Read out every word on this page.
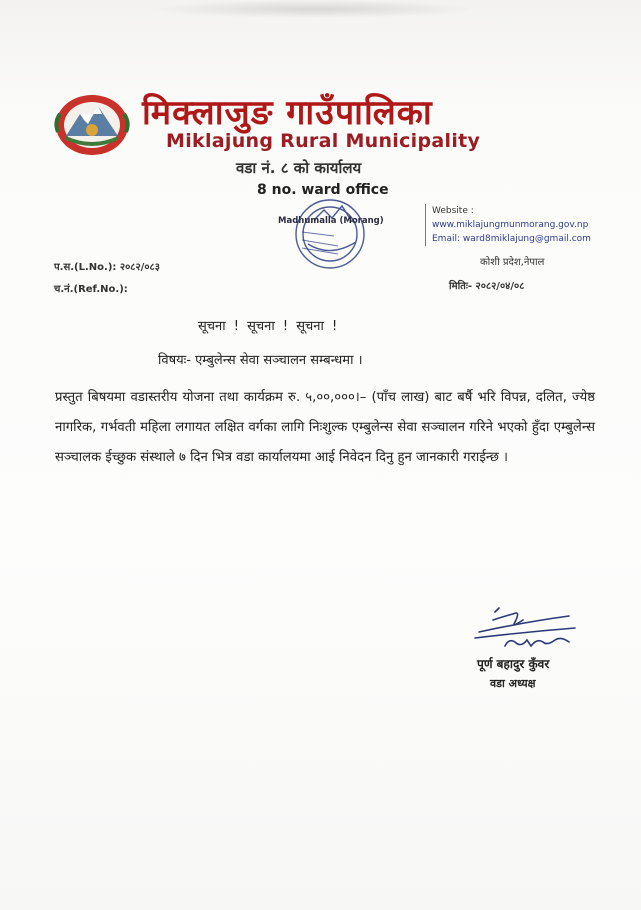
मिक्लाजुङ गाउँपालिका
Miklajung Rural Municipality
वडा नं. ८ को कार्यालय
8 no. ward office
Madhumalla (Morang)
Website :
www.miklajungmunmorang.gov.np
Email: ward8miklajung@gmail.com
कोशी प्रदेश,नेपाल
प.स.(L.No.): २०८२/०८३
च.नं.(Ref.No.):	मितिः- २०८२/०४/०८
सूचना ! सूचना ! सूचना !
विषयः- एम्बुलेन्स सेवा सञ्चालन सम्बन्धमा ।
प्रस्तुत बिषयमा वडास्तरीय योजना तथा कार्यक्रम रु. ५,००,०००।– (पाँच लाख) बाट बर्षै भरि विपन्न, दलित, ज्येष्ठ नागरिक, गर्भवती महिला लगायत लक्षित वर्गका लागि निःशुल्क एम्बुलेन्स सेवा सञ्चालन गरिने भएको हुँदा एम्बुलेन्स सञ्चालक ईच्छुक संस्थाले ७ दिन भित्र वडा कार्यालयमा आई निवेदन दिनु हुन जानकारी गराईन्छ ।
पूर्ण बहादुर कुँवर
वडा अध्यक्ष
